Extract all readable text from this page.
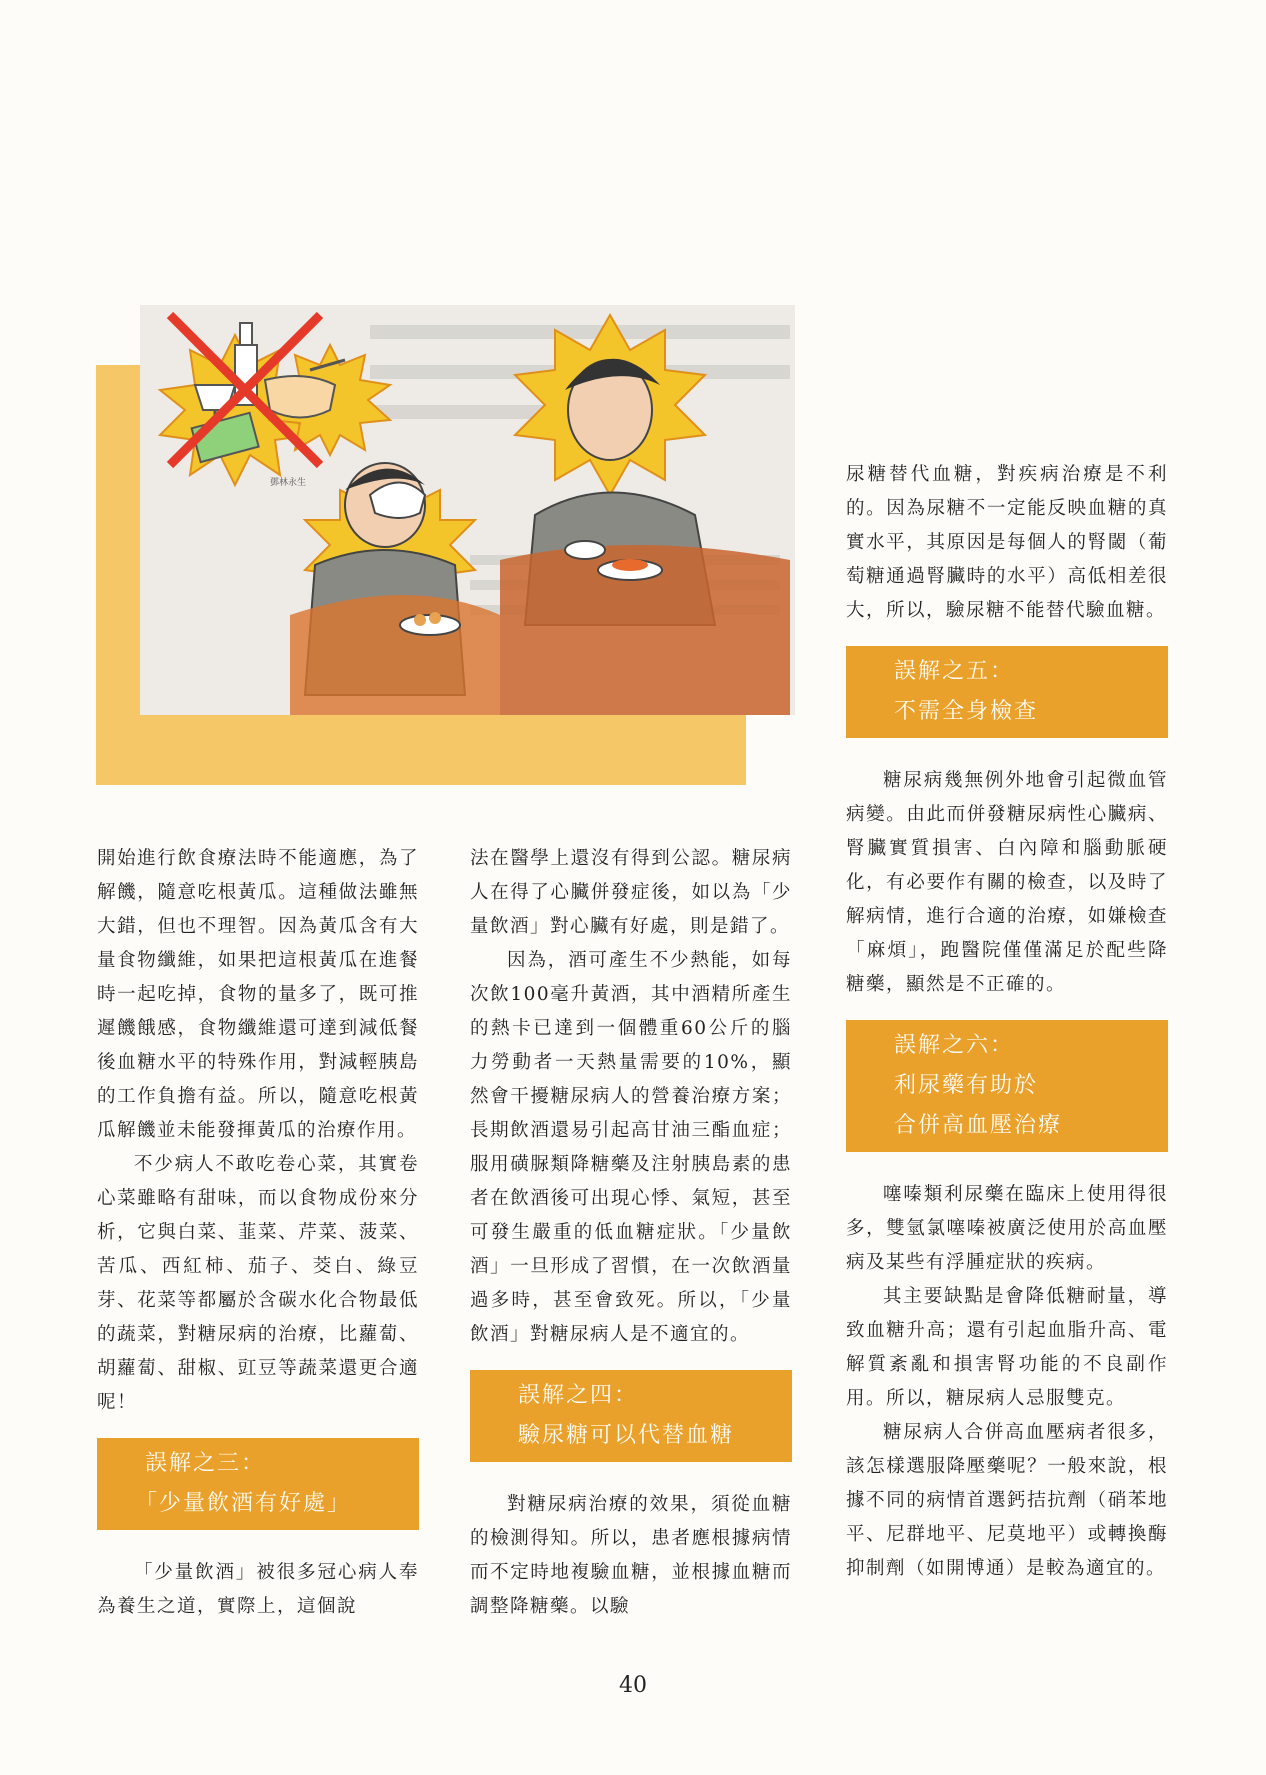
鄧林永生

開始進行飲食療法時不能適應，為了解饑，隨意吃根黃瓜。這種做法雖無大錯，但也不理智。因為黃瓜含有大量食物纖維，如果把這根黃瓜在進餐時一起吃掉，食物的量多了，既可推遲饑餓感，食物纖維還可達到減低餐後血糖水平的特殊作用，對減輕胰島的工作負擔有益。所以，隨意吃根黃瓜解饑並未能發揮黃瓜的治療作用。

不少病人不敢吃卷心菜，其實卷心菜雖略有甜味，而以食物成份來分析，它與白菜、韮菜、芹菜、菠菜、苦瓜、西紅柿、茄子、茭白、綠豆芽、花菜等都屬於含碳水化合物最低的蔬菜，對糖尿病的治療，比蘿蔔、胡蘿蔔、甜椒、豇豆等蔬菜還更合適呢！

誤解之三：
「少量飲酒有好處」

「少量飲酒」被很多冠心病人奉為養生之道，實際上，這個說

法在醫學上還沒有得到公認。糖尿病人在得了心臟併發症後，如以為「少量飲酒」對心臟有好處，則是錯了。

因為，酒可產生不少熱能，如每次飲100毫升黃酒，其中酒精所產生的熱卡已達到一個體重60公斤的腦力勞動者一天熱量需要的10%，顯然會干擾糖尿病人的營養治療方案；長期飲酒還易引起高甘油三酯血症；服用磺脲類降糖藥及注射胰島素的患者在飲酒後可出現心悸、氣短，甚至可發生嚴重的低血糖症狀。「少量飲酒」一旦形成了習慣，在一次飲酒量過多時，甚至會致死。所以，「少量飲酒」對糖尿病人是不適宜的。

誤解之四：
驗尿糖可以代替血糖

對糖尿病治療的效果，須從血糖的檢測得知。所以，患者應根據病情而不定時地複驗血糖，並根據血糖而調整降糖藥。以驗

尿糖替代血糖，對疾病治療是不利的。因為尿糖不一定能反映血糖的真實水平，其原因是每個人的腎閾（葡萄糖通過腎臟時的水平）高低相差很大，所以，驗尿糖不能替代驗血糖。

誤解之五：
不需全身檢查

糖尿病幾無例外地會引起微血管病變。由此而併發糖尿病性心臟病、腎臟實質損害、白內障和腦動脈硬化，有必要作有關的檢查，以及時了解病情，進行合適的治療，如嫌檢查「麻煩」，跑醫院僅僅滿足於配些降糖藥，顯然是不正確的。

誤解之六：
利尿藥有助於
合併高血壓治療

噻嗪類利尿藥在臨床上使用得很多，雙氫氯噻嗪被廣泛使用於高血壓病及某些有浮腫症狀的疾病。

其主要缺點是會降低糖耐量，導致血糖升高；還有引起血脂升高、電解質紊亂和損害腎功能的不良副作用。所以，糖尿病人忌服雙克。

糖尿病人合併高血壓病者很多，該怎樣選服降壓藥呢？一般來說，根據不同的病情首選鈣拮抗劑（硝苯地平、尼群地平、尼莫地平）或轉換酶抑制劑（如開博通）是較為適宜的。

40
